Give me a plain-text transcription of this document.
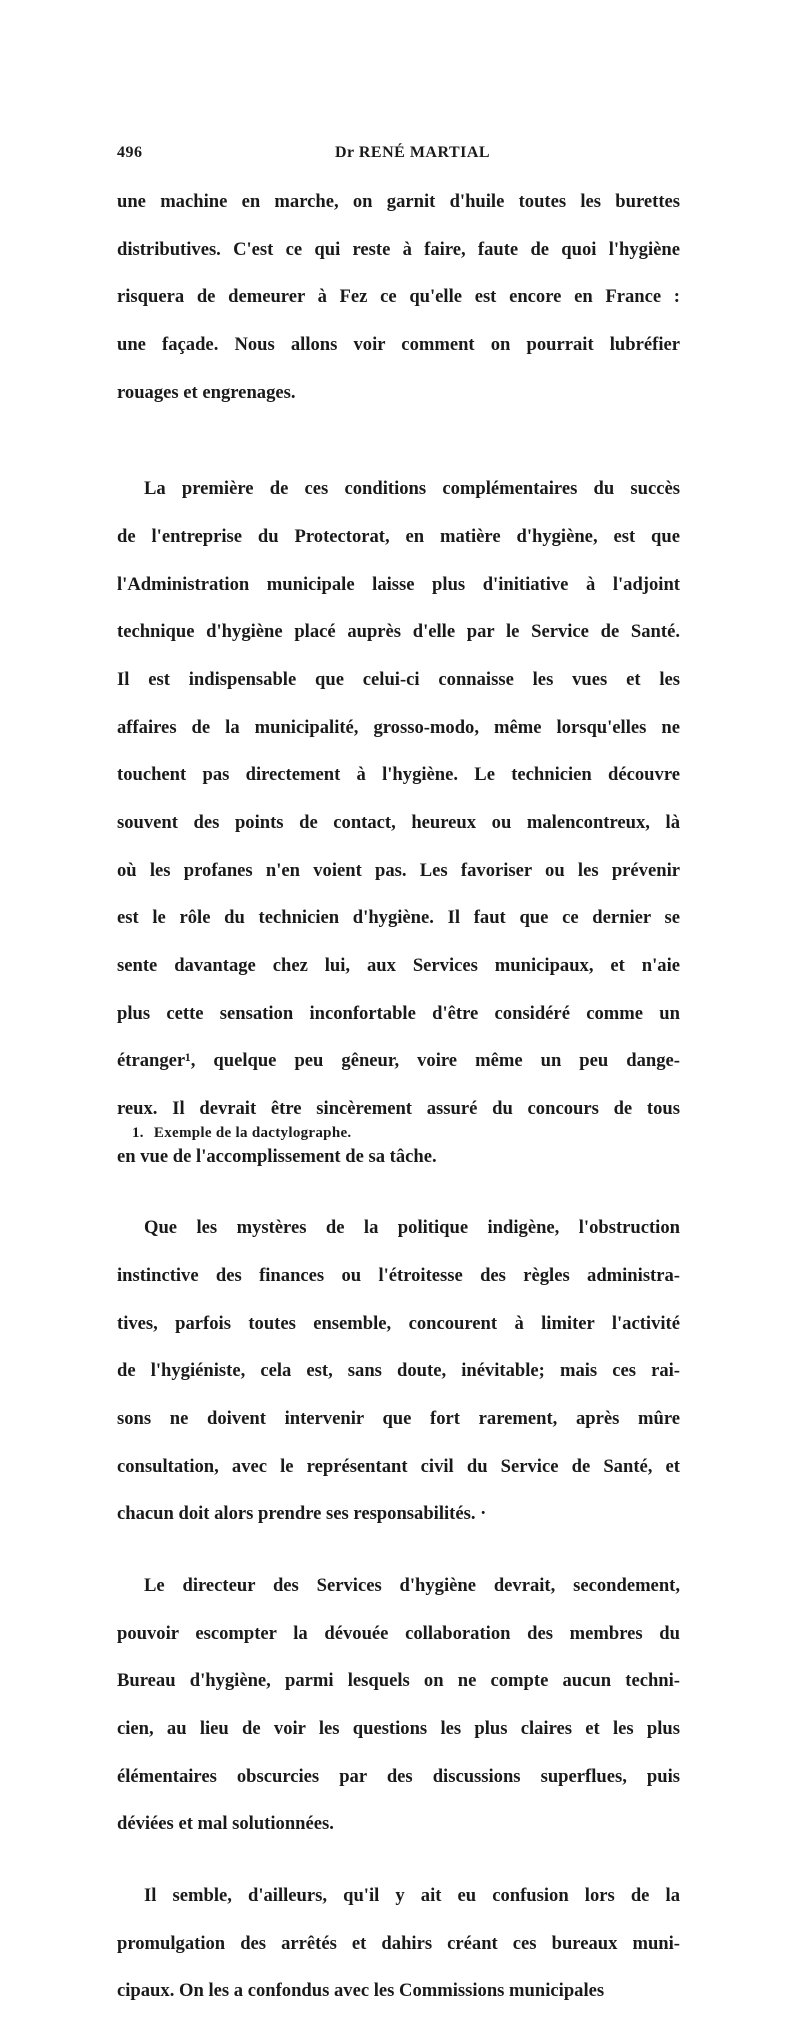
496	Dr RENÉ MARTIAL

une machine en marche, on garnit d'huile toutes les burettes

distributives. C'est ce qui reste à faire, faute de quoi l'hygiène

risquera de demeurer à Fez ce qu'elle est encore en France :

une façade. Nous allons voir comment on pourrait lubréfier

rouages et engrenages.

La première de ces conditions complémentaires du succès

de l'entreprise du Protectorat, en matière d'hygiène, est que

l'Administration municipale laisse plus d'initiative à l'adjoint

technique d'hygiène placé auprès d'elle par le Service de Santé.

Il est indispensable que celui-ci connaisse les vues et les

affaires de la municipalité, grosso-modo, même lorsqu'elles ne

touchent pas directement à l'hygiène. Le technicien découvre

souvent des points de contact, heureux ou malencontreux, là

où les profanes n'en voient pas. Les favoriser ou les prévenir

est le rôle du technicien d'hygiène. Il faut que ce dernier se

sente davantage chez lui, aux Services municipaux, et n'aie

plus cette sensation inconfortable d'être considéré comme un

étranger¹, quelque peu gêneur, voire même un peu dange-

reux. Il devrait être sincèrement assuré du concours de tous

en vue de l'accomplissement de sa tâche.

Que les mystères de la politique indigène, l'obstruction

instinctive des finances ou l'étroitesse des règles administra-

tives, parfois toutes ensemble, concourent à limiter l'activité

de l'hygiéniste, cela est, sans doute, inévitable; mais ces rai-

sons ne doivent intervenir que fort rarement, après mûre

consultation, avec le représentant civil du Service de Santé, et

chacun doit alors prendre ses responsabilités. ·

Le directeur des Services d'hygiène devrait, secondement,

pouvoir escompter la dévouée collaboration des membres du

Bureau d'hygiène, parmi lesquels on ne compte aucun techni-

cien, au lieu de voir les questions les plus claires et les plus

élémentaires obscurcies par des discussions superflues, puis

déviées et mal solutionnées.

Il semble, d'ailleurs, qu'il y ait eu confusion lors de la

promulgation des arrêtés et dahirs créant ces bureaux muni-

cipaux. On les a confondus avec les Commissions municipales

1. Exemple de la dactylographe.
